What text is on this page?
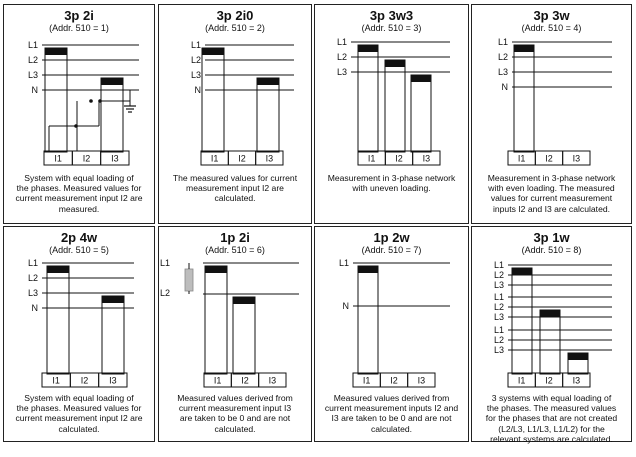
3p 2i
(Addr. 510 = 1)
L1
L2
L3
N
I1 I2 I3
System with equal loading of
the phases. Measured values for
current measurement input I2 are
measured.
3p 2i0
(Addr. 510 = 2)
L1
L2
L3
N
I1 I2 I3
The measured values for current
measurement input I2 are
calculated.
3p 3w3
(Addr. 510 = 3)
L1
L2
L3
I1 I2 I3
Measurement in 3-phase network
with uneven loading.
3p 3w
(Addr. 510 = 4)
L1
L2
L3
N
I1 I2 I3
Measurement in 3-phase network
with even loading. The measured
values for current measurement
inputs I2 and I3 are calculated.
2p 4w
(Addr. 510 = 5)
L1
L2
L3
N
I1 I2 I3
System with equal loading of
the phases. Measured values for
current measurement input I2 are
calculated.
1p 2i
(Addr. 510 = 6)
L1
L2
I1 I2 I3
Measured values derived from
current measurement input I3
are taken to be 0 and are not
calculated.
1p 2w
(Addr. 510 = 7)
L1
N
I1 I2 I3
Measured values derived from
current measurement inputs I2 and
I3 are taken to be 0 and are not
calculated.
3p 1w
(Addr. 510 = 8)
L1
L2
L3
L1
L2
L3
L1
L2
L3
I1 I2 I3
3 systems with equal loading of
the phases. The measured values
for the phases that are not created
(L2/L3, L1/L3, L1/L2) for the
relevant systems are calculated.
